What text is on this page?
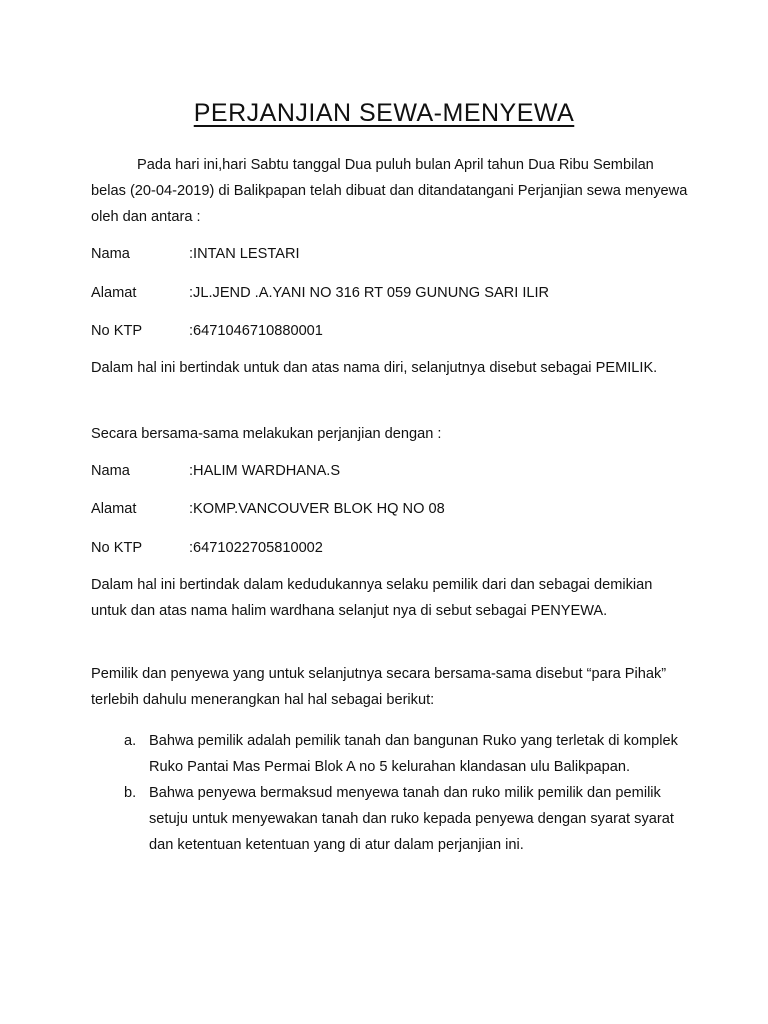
PERJANJIAN SEWA-MENYEWA

Pada hari ini,hari Sabtu tanggal Dua puluh bulan April tahun Dua Ribu Sembilan belas (20-04-2019) di Balikpapan telah dibuat dan ditandatangani Perjanjian sewa menyewa oleh dan antara :

Nama	:INTAN LESTARI
Alamat	:JL.JEND .A.YANI NO 316 RT 059 GUNUNG SARI ILIR
No KTP	:6471046710880001

Dalam hal ini bertindak untuk dan atas nama diri, selanjutnya disebut sebagai PEMILIK.

Secara bersama-sama melakukan perjanjian dengan :

Nama	:HALIM WARDHANA.S
Alamat	:KOMP.VANCOUVER BLOK HQ NO 08
No KTP	:6471022705810002

Dalam hal ini bertindak dalam kedudukannya selaku pemilik dari dan sebagai demikian untuk dan atas nama halim wardhana selanjut nya di sebut sebagai PENYEWA.

Pemilik dan penyewa yang untuk selanjutnya secara bersama-sama disebut “para Pihak” terlebih dahulu menerangkan hal hal sebagai berikut:

a. Bahwa pemilik adalah pemilik tanah dan bangunan Ruko yang terletak di komplek Ruko Pantai Mas Permai Blok A no 5 kelurahan klandasan ulu Balikpapan.
b. Bahwa penyewa bermaksud menyewa tanah dan ruko milik pemilik dan pemilik setuju untuk menyewakan tanah dan ruko kepada penyewa dengan syarat syarat dan ketentuan ketentuan yang di atur dalam perjanjian ini.
